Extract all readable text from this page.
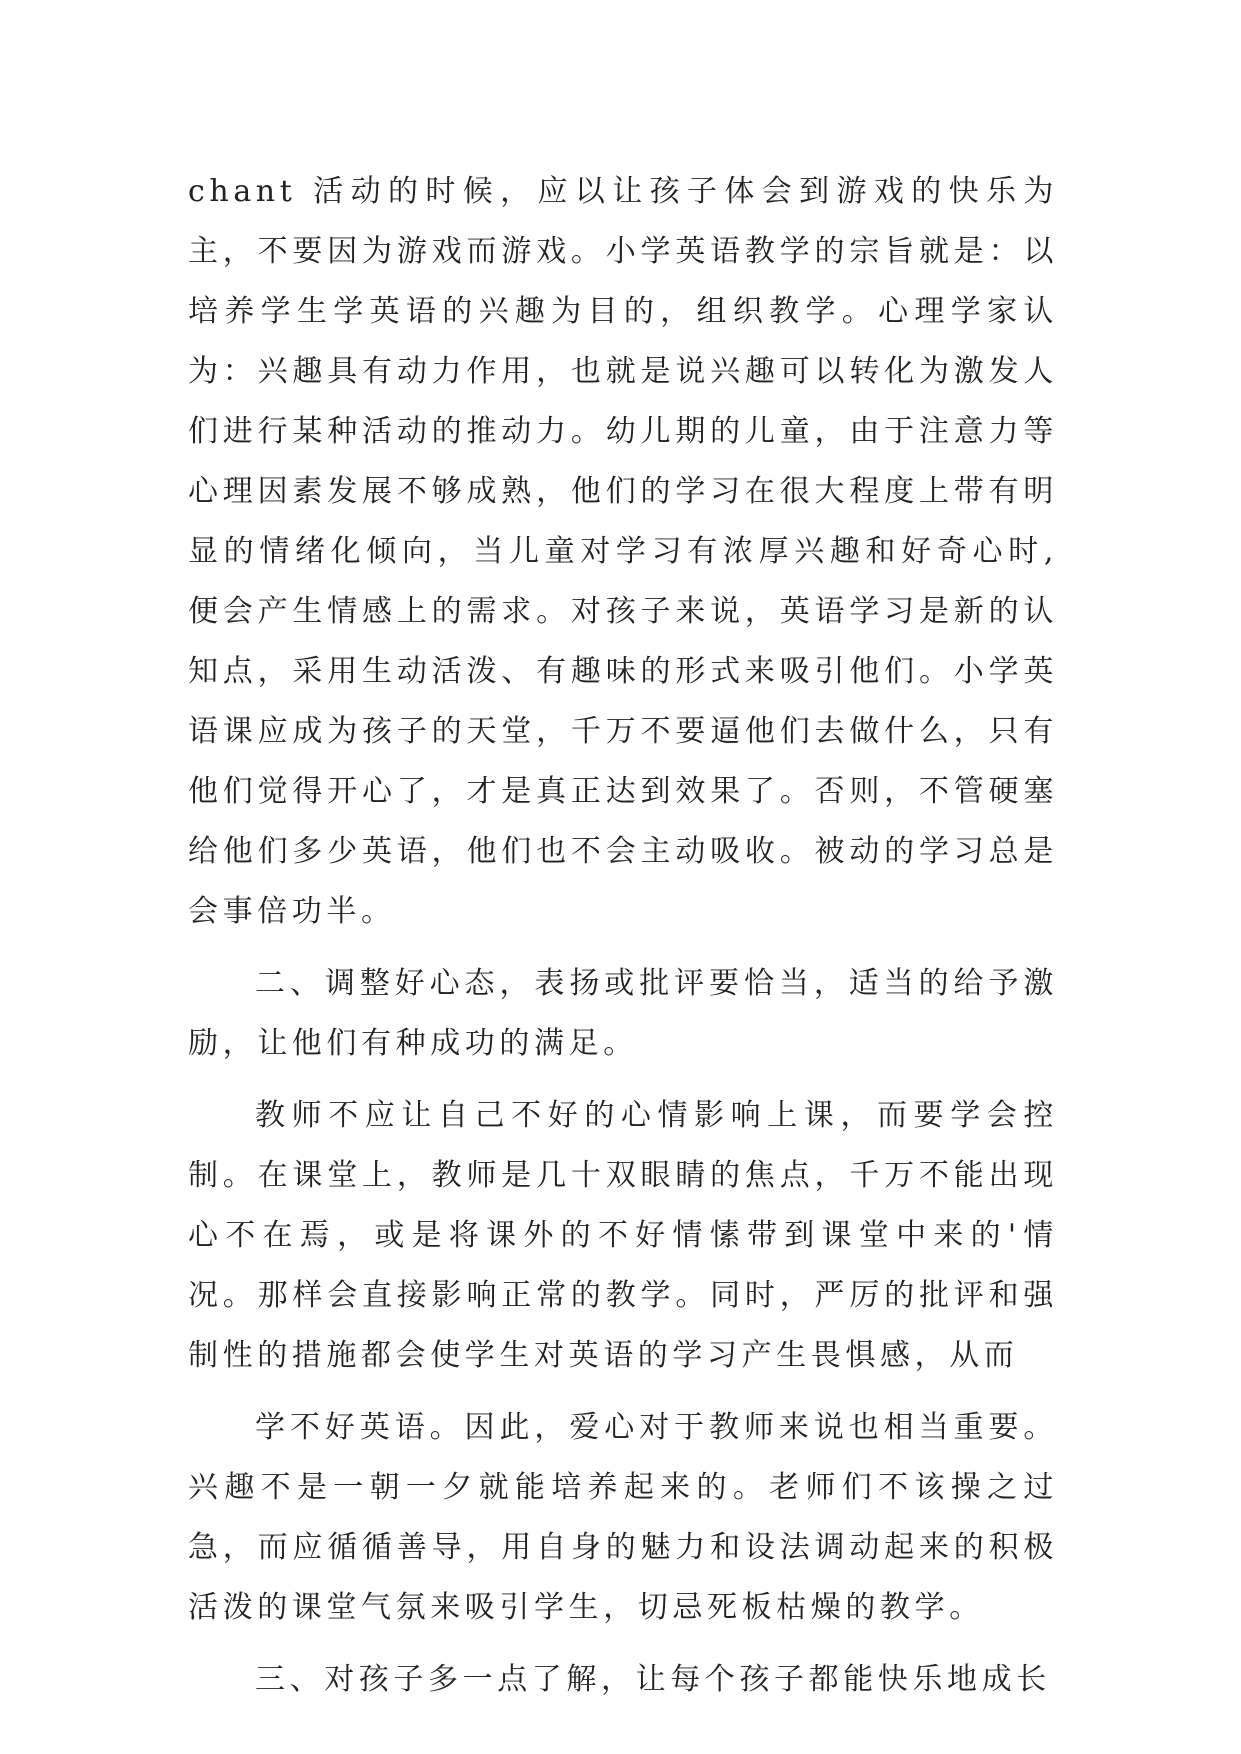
chant 活动的时候，应以让孩子体会到游戏的快乐为主，不要因为游戏而游戏。小学英语教学的宗旨就是：以培养学生学英语的兴趣为目的，组织教学。心理学家认为：兴趣具有动力作用，也就是说兴趣可以转化为激发人们进行某种活动的推动力。幼儿期的儿童，由于注意力等心理因素发展不够成熟，他们的学习在很大程度上带有明显的情绪化倾向，当儿童对学习有浓厚兴趣和好奇心时,便会产生情感上的需求。对孩子来说，英语学习是新的认知点，采用生动活泼、有趣味的形式来吸引他们。小学英语课应成为孩子的天堂，千万不要逼他们去做什么，只有他们觉得开心了，才是真正达到效果了。否则，不管硬塞给他们多少英语，他们也不会主动吸收。被动的学习总是会事倍功半。

二、调整好心态，表扬或批评要恰当，适当的给予激励，让他们有种成功的满足。

教师不应让自己不好的心情影响上课，而要学会控制。在课堂上，教师是几十双眼睛的焦点，千万不能出现心不在焉，或是将课外的不好情愫带到课堂中来的'情况。那样会直接影响正常的教学。同时，严厉的批评和强制性的措施都会使学生对英语的学习产生畏惧感，从而

学不好英语。因此，爱心对于教师来说也相当重要。兴趣不是一朝一夕就能培养起来的。老师们不该操之过急，而应循循善导，用自身的魅力和设法调动起来的积极活泼的课堂气氛来吸引学生，切忌死板枯燥的教学。

三、对孩子多一点了解，让每个孩子都能快乐地成长
